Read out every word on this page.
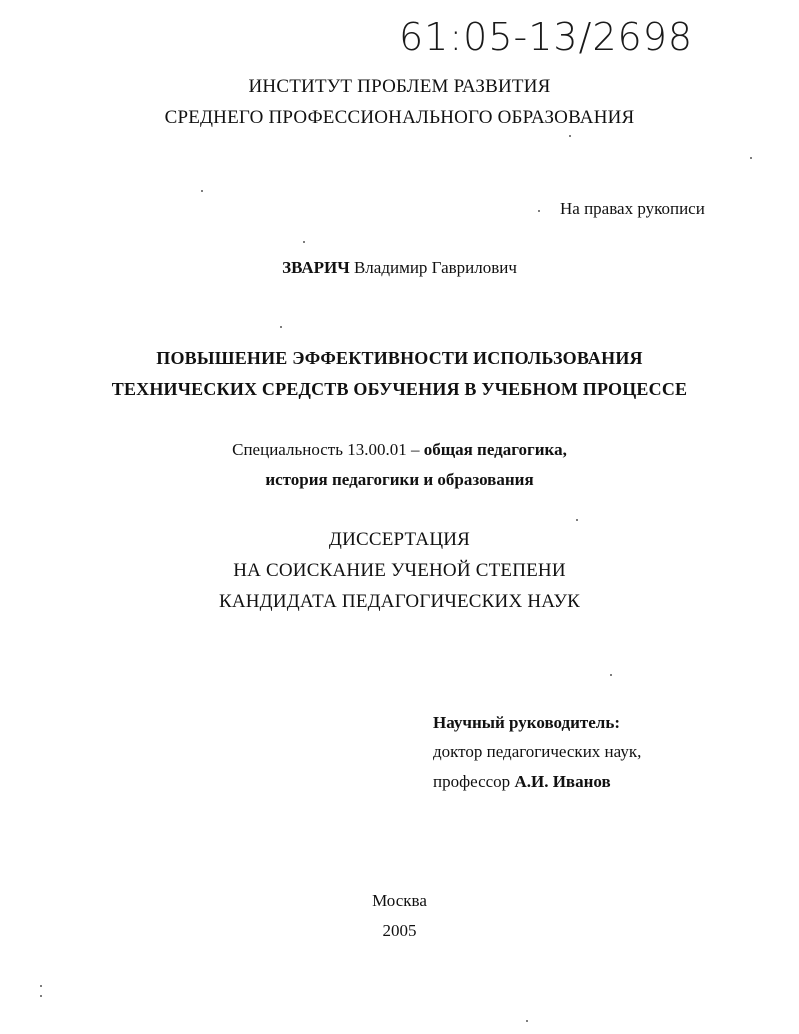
61:05-13/2698

ИНСТИТУТ ПРОБЛЕМ РАЗВИТИЯ

СРЕДНЕГО ПРОФЕССИОНАЛЬНОГО ОБРАЗОВАНИЯ

На правах рукописи

ЗВАРИЧ Владимир Гаврилович

ПОВЫШЕНИЕ ЭФФЕКТИВНОСТИ ИСПОЛЬЗОВАНИЯ

ТЕХНИЧЕСКИХ СРЕДСТВ ОБУЧЕНИЯ В УЧЕБНОМ ПРОЦЕССЕ

Специальность 13.00.01 – общая педагогика,

история педагогики и образования

ДИССЕРТАЦИЯ

НА СОИСКАНИЕ УЧЕНОЙ СТЕПЕНИ

КАНДИДАТА ПЕДАГОГИЧЕСКИХ НАУК

Научный руководитель:

доктор педагогических наук,

профессор А.И. Иванов

Москва

2005
